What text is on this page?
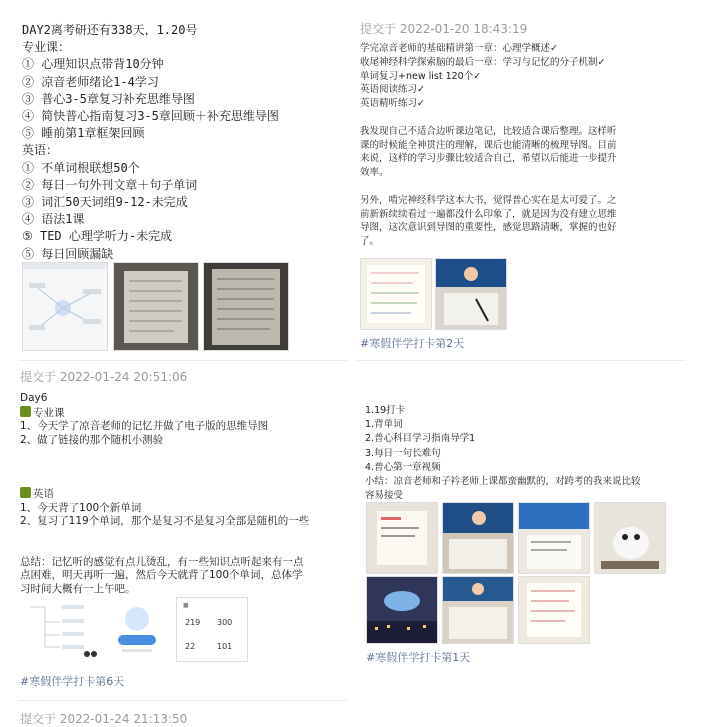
DAY2离考研还有338天，1.20号
专业课：
① 心理知识点带背10分钟
② 凉音老师绪论1-4学习
③ 普心3-5章复习补充思维导图
④ 简快普心指南复习3-5章回顾＋补充思维导图
⑤ 睡前第1章框架回顾
英语：
① 不单词根联想50个
② 每日一句外刊文章＋句子单词
③ 词汇50天词组9-12-未完成
④ 语法1课
⑤ TED 心理学听力-未完成
⑤ 每日回顾漏缺
提交于 2022-01-24 20:51:06
Day6
专业课
1、今天学了凉音老师的记忆并做了电子版的思维导图
2、做了链接的那个随机小测验
英语
1、今天背了100个新单词
2、复习了119个单词，那个是复习不是复习全部是随机的一些
总结：记忆听的感觉有点儿烫乱，有一些知识点听起来有一点
点困难，明天再听一遍，然后今天就背了100个单词，总体学
习时间大概有一上午吧。
■
219 300
22	101
#寒假伴学打卡第6天
提交于 2022-01-24 21:13:50
提交于 2022-01-20 18:43:19
学完凉音老师的基础精讲第一章：心理学概述✓
收尾神经科学探索脑的最后一章：学习与记忆的分子机制✓
单词复习+new list 120个✓
英语阅读练习✓
英语精听练习✓
我发现自己不适合边听课边笔记，比较适合课后整理。这样听
课的时候能全神贯注的理解，课后也能清晰的梳理导图。目前
来说，这样的学习步骤比较适合自己，希望以后能进一步提升
效率。
另外，啃完神经科学这本大书，觉得普心实在是太可爱了。之
前新新续续看过一遍都没什么印象了，就是因为没有建立思维
导图，这次意识到导图的重要性，感觉思路清晰，掌握的也好
了。
#寒假伴学打卡第2天
1.19打卡
1.背单词
2.普心科目学习指南导学1
3.每日一句长难句
4.普心第一章视频
小结：凉音老师和子衿老师上课都蛮幽默的，对跨考的我来说比较
容易接受
#寒假伴学打卡第1天
